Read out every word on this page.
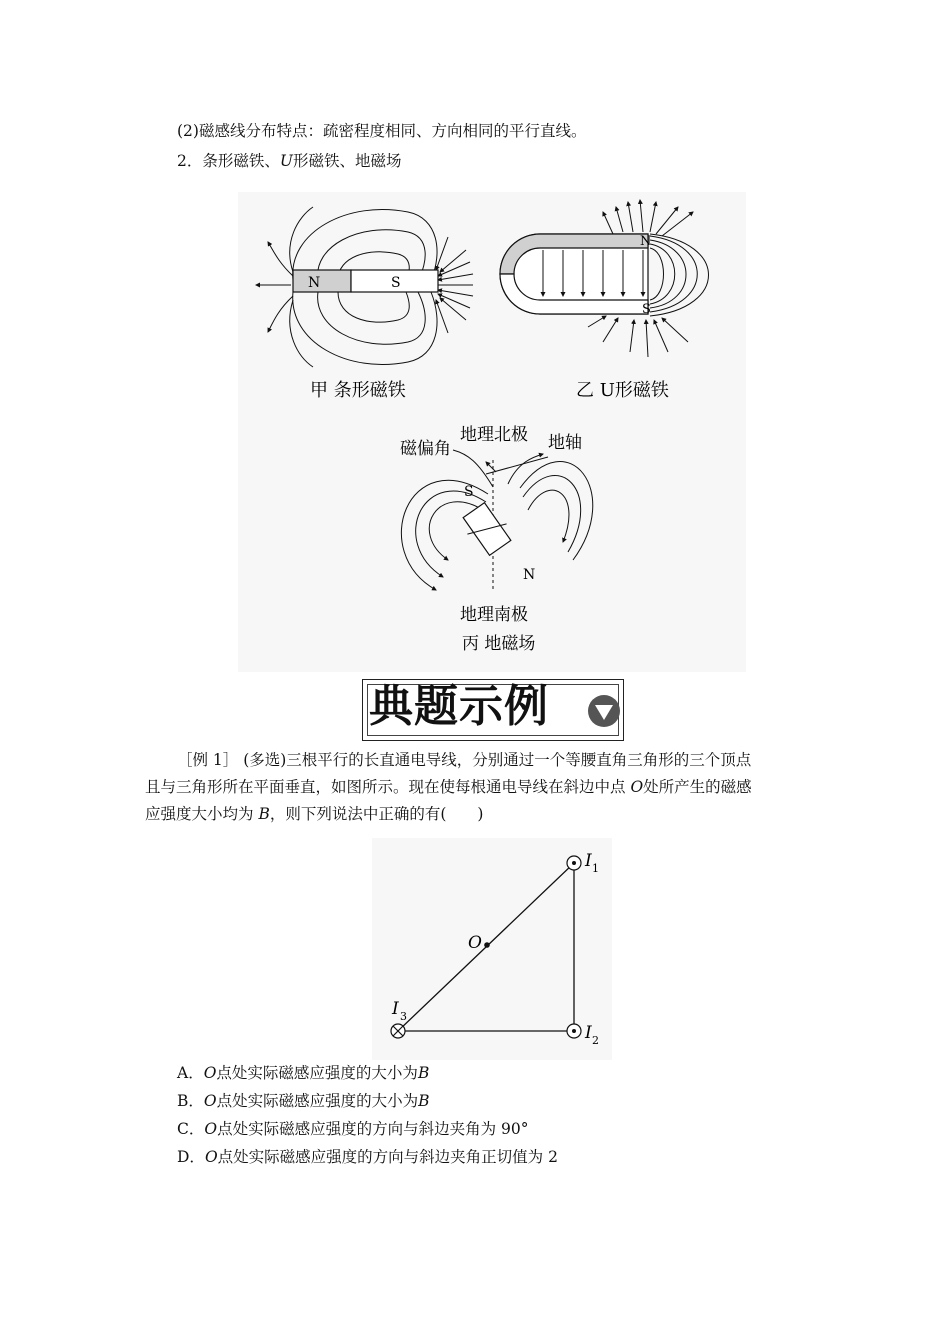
(2)磁感线分布特点：疏密程度相同、方向相同的平行直线。
2．条形磁铁、U形磁铁、地磁场
N	S
甲 条形磁铁
N
S
乙 U形磁铁
磁偏角
地理北极 地轴
S
N
地理南极
丙 地磁场
典题示例
［例 1］ (多选)三根平行的长直通电导线，分别通过一个等腰直角三角形的三个顶点
且与三角形所在平面垂直，如图所示。现在使每根通电导线在斜边中点 O处所产生的磁感
应强度大小均为 B，则下列说法中正确的有(　　)
O
I 1
I 2
I 3
A．O点处实际磁感应强度的大小为B
B．O点处实际磁感应强度的大小为B
C．O点处实际磁感应强度的方向与斜边夹角为 90°
D．O点处实际磁感应强度的方向与斜边夹角正切值为 2
